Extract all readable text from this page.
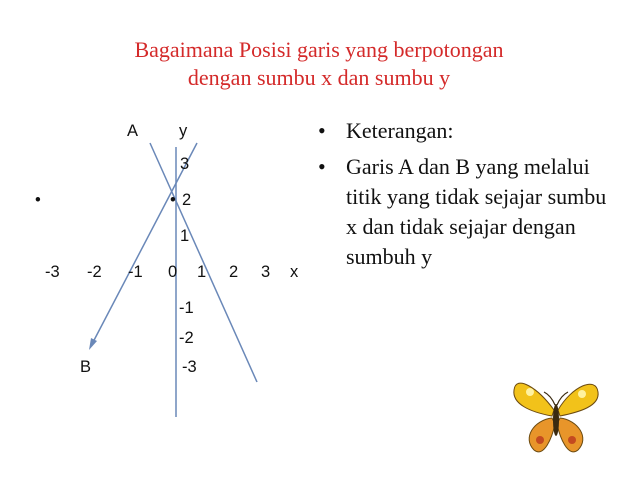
Bagaimana Posisi garis yang berpotongan
dengan sumbu x dan sumbu y
A y
3
•	• 2
1
-3 -2 -1 0 1 2 3 x
-1
-2
B	-3
• Keterangan:
• Garis A dan B yang melalui titik yang tidak sejajar sumbu x dan tidak sejajar dengan sumbuh y
